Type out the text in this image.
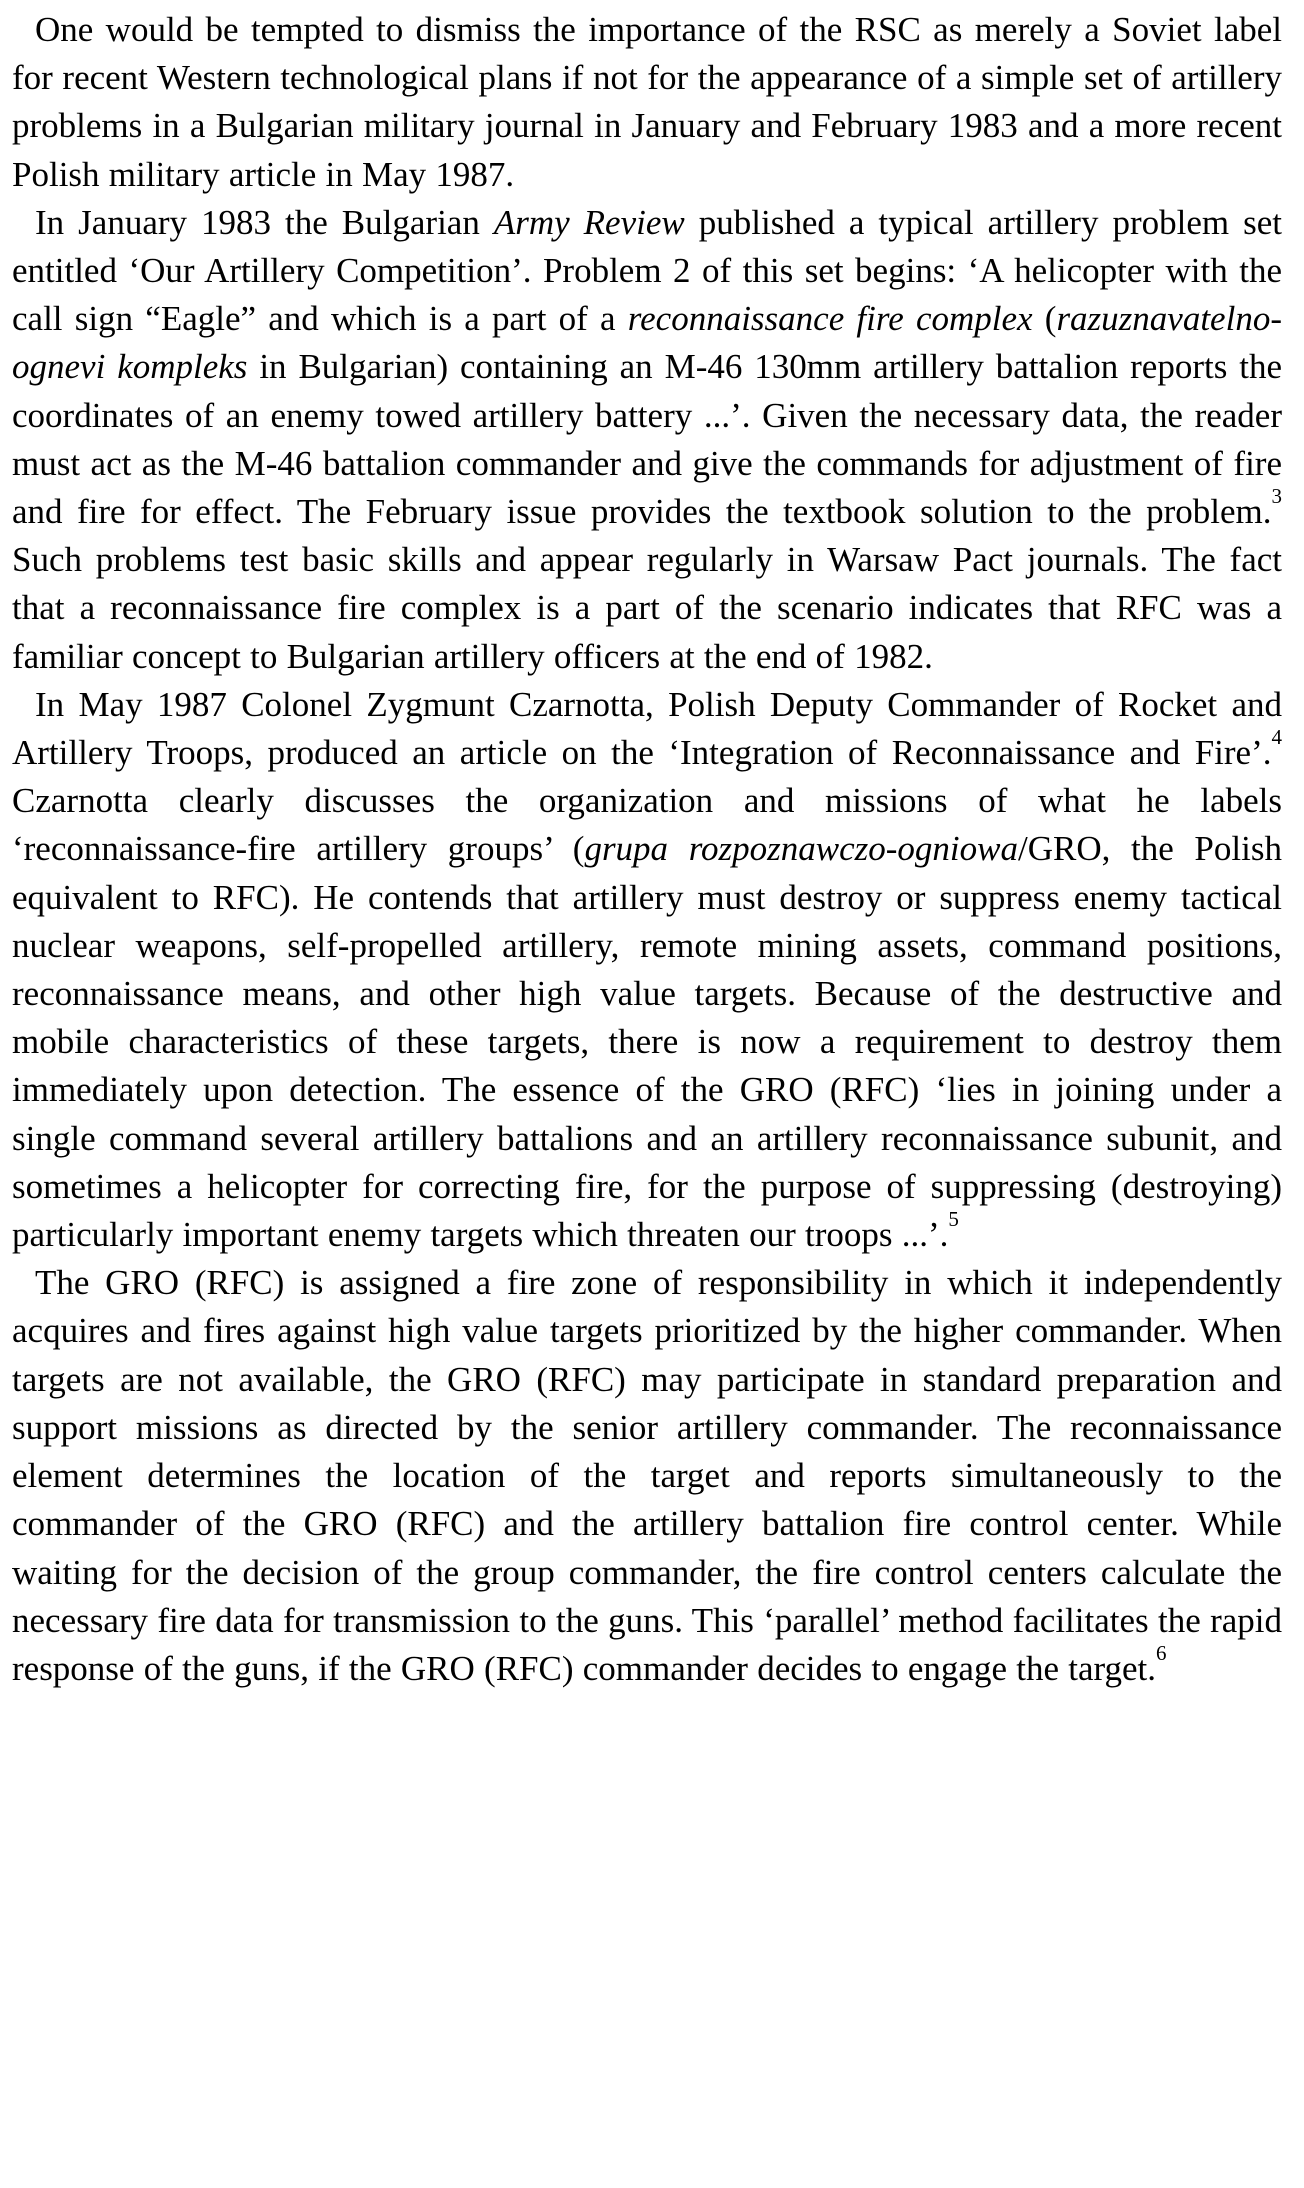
One would be tempted to dismiss the importance of the RSC as merely a Soviet label for recent Western technological plans if not for the appearance of a simple set of artillery problems in a Bulgarian military journal in January and February 1983 and a more recent Polish military article in May 1987.

In January 1983 the Bulgarian Army Review published a typical artillery problem set entitled ‘Our Artillery Competition’. Problem 2 of this set begins: ‘A helicopter with the call sign “Eagle” and which is a part of a reconnaissance fire complex (razuznavatelno-ognevi kompleks in Bulgarian) containing an M-46 130mm artillery battalion reports the coordinates of an enemy towed artillery battery ...’. Given the necessary data, the reader must act as the M-46 battalion commander and give the commands for adjustment of fire and fire for effect. The February issue provides the textbook solution to the problem.$^3$ Such problems test basic skills and appear regularly in Warsaw Pact journals. The fact that a reconnaissance fire complex is a part of the scenario indicates that RFC was a familiar concept to Bulgarian artillery officers at the end of 1982.

In May 1987 Colonel Zygmunt Czarnotta, Polish Deputy Commander of Rocket and Artillery Troops, produced an article on the ‘Integration of Reconnaissance and Fire’.$^4$ Czarnotta clearly discusses the organization and missions of what he labels ‘reconnaissance-fire artillery groups’ (grupa rozpoznawczo-ogniowa/GRO, the Polish equivalent to RFC). He contends that artillery must destroy or suppress enemy tactical nuclear weapons, self-propelled artillery, remote mining assets, command positions, reconnaissance means, and other high value targets. Because of the destructive and mobile characteristics of these targets, there is now a requirement to destroy them immediately upon detection. The essence of the GRO (RFC) ‘lies in joining under a single command several artillery battalions and an artillery reconnaissance subunit, and sometimes a helicopter for correcting fire, for the purpose of suppressing (destroying) particularly important enemy targets which threaten our troops ...’.$^5$

The GRO (RFC) is assigned a fire zone of responsibility in which it independently acquires and fires against high value targets prioritized by the higher commander. When targets are not available, the GRO (RFC) may participate in standard preparation and support missions as directed by the senior artillery commander. The reconnaissance element determines the location of the target and reports simultaneously to the commander of the GRO (RFC) and the artillery battalion fire control center. While waiting for the decision of the group commander, the fire control centers calculate the necessary fire data for transmission to the guns. This ‘parallel’ method facilitates the rapid response of the guns, if the GRO (RFC) commander decides to engage the target.$^6$
